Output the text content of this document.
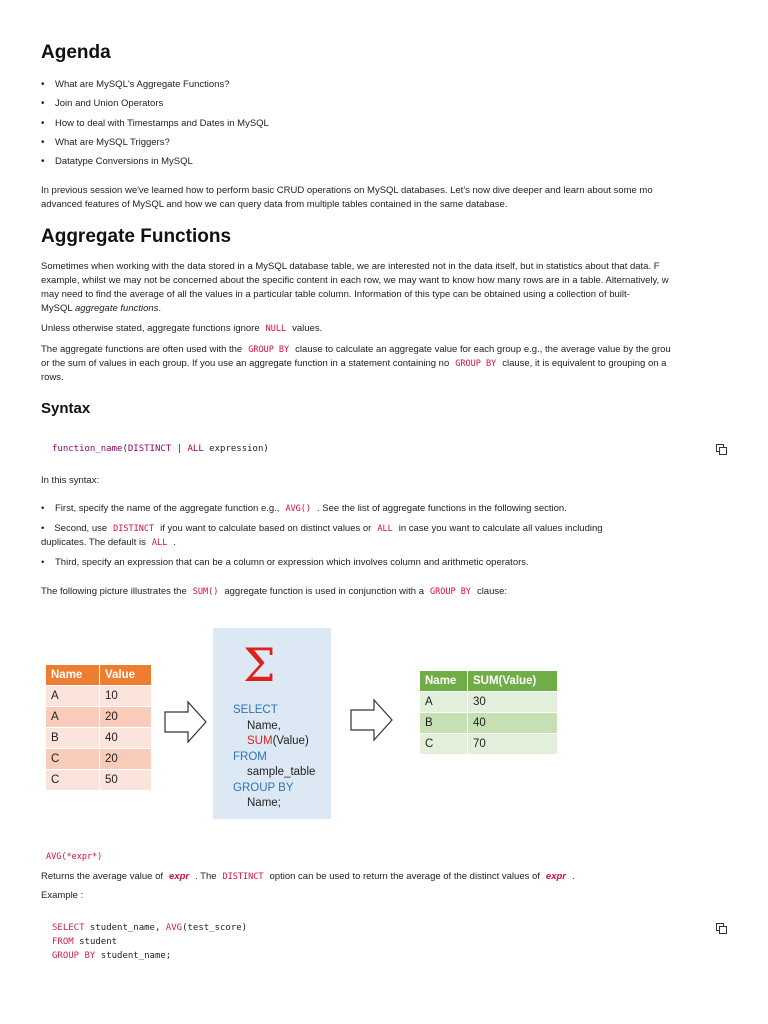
Agenda
• What are MySQL's Aggregate Functions?
• Join and Union Operators
• How to deal with Timestamps and Dates in MySQL
• What are MySQL Triggers?
• Datatype Conversions in MySQL
In previous session we've learned how to perform basic CRUD operations on MySQL databases. Let's now dive deeper and learn about some mo
advanced features of MySQL and how we can query data from multiple tables contained in the same database.
Aggregate Functions
Sometimes when working with the data stored in a MySQL database table, we are interested not in the data itself, but in statistics about that data. F
example, whilst we may not be concerned about the specific content in each row, we may want to know how many rows are in a table. Alternatively, w
may need to find the average of all the values in a particular table column. Information of this type can be obtained using a collection of built-
MySQL aggregate functions.
Unless otherwise stated, aggregate functions ignore NULL values.
The aggregate functions are often used with the GROUP BY clause to calculate an aggregate value for each group e.g., the average value by the grou
or the sum of values in each group. If you use an aggregate function in a statement containing no GROUP BY clause, it is equivalent to grouping on a
rows.
Syntax
function_name(DISTINCT | ALL expression)
In this syntax:
• First, specify the name of the aggregate function e.g., AVG() . See the list of aggregate functions in the following section.
• Second, use DISTINCT if you want to calculate based on distinct values or ALL in case you want to calculate all values including
duplicates. The default is ALL .
• Third, specify an expression that can be a column or expression which involves column and arithmetic operators.
The following picture illustrates the SUM() aggregate function is used in conjunction with a GROUP BY clause:
Name	Value
A	10
A	20
B	40
C	20
C	50
Σ
SELECT
Name,
SUM(Value)
FROM
sample_table
GROUP BY
Name;
Name	SUM(Value)
A	30
B	40
C	70
AVG(*expr*)
Returns the average value of expr . The DISTINCT option can be used to return the average of the distinct values of expr .
Example :
SELECT student_name, AVG(test_score)
FROM student
GROUP BY student_name;
